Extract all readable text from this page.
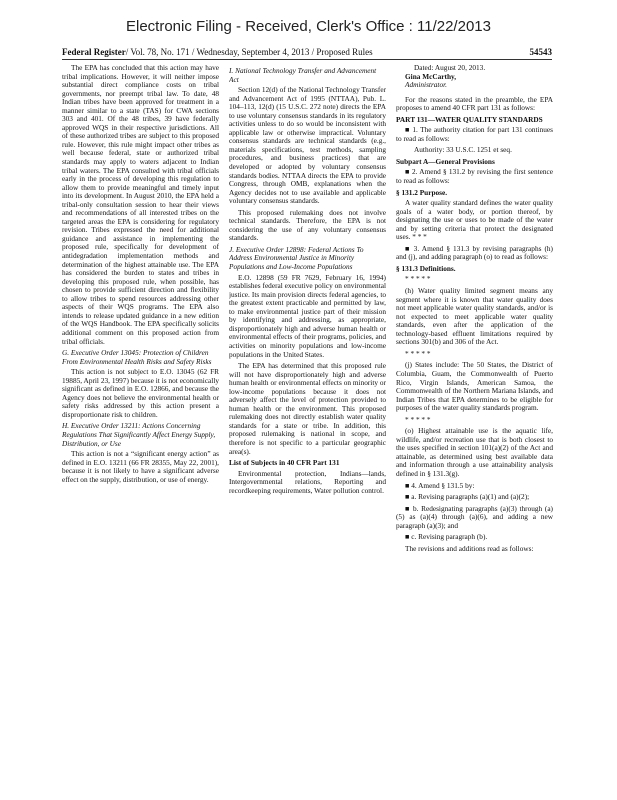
Electronic Filing - Received, Clerk's Office : 11/22/2013
Federal Register/ Vol. 78, No. 171 / Wednesday, September 4, 2013 / Proposed Rules	54543

The EPA has concluded that this action may have tribal implications. However, it will neither impose substantial direct compliance costs on tribal governments, nor preempt tribal law. To date, 48 Indian tribes have been approved for treatment in a manner similar to a state (TAS) for CWA sections 303 and 401. Of the 48 tribes, 39 have federally approved WQS in their respective jurisdictions. All of these authorized tribes are subject to this proposed rule. However, this rule might impact other tribes as well because federal, state or authorized tribal standards may apply to waters adjacent to Indian tribal waters. The EPA consulted with tribal officials early in the process of developing this regulation to allow them to provide meaningful and timely input into its development. In August 2010, the EPA held a tribal-only consultation session to hear their views and recommendations of all interested tribes on the targeted areas the EPA is considering for regulatory revision. Tribes expressed the need for additional guidance and assistance in implementing the proposed rule, specifically for development of antidegradation implementation methods and determination of the highest attainable use. The EPA has considered the burden to states and tribes in developing this proposed rule, when possible, has chosen to provide sufficient direction and flexibility to allow tribes to spend resources addressing other aspects of their WQS programs. The EPA also intends to release updated guidance in a new edition of the WQS Handbook. The EPA specifically solicits additional comment on this proposed action from tribal officials.

G. Executive Order 13045: Protection of Children From Environmental Health Risks and Safety Risks

This action is not subject to E.O. 13045 (62 FR 19885, April 23, 1997) because it is not economically significant as defined in E.O. 12866, and because the Agency does not believe the environmental health or safety risks addressed by this action present a disproportionate risk to children.

H. Executive Order 13211: Actions Concerning Regulations That Significantly Affect Energy Supply, Distribution, or Use

This action is not a “significant energy action” as defined in E.O. 13211 (66 FR 28355, May 22, 2001), because it is not likely to have a significant adverse effect on the supply, distribution, or use of energy.

I. National Technology Transfer and Advancement Act

Section 12(d) of the National Technology Transfer and Advancement Act of 1995 (NTTAA), Pub. L. 104–113, 12(d) (15 U.S.C. 272 note) directs the EPA to use voluntary consensus standards in its regulatory activities unless to do so would be inconsistent with applicable law or otherwise impractical. Voluntary consensus standards are technical standards (e.g., materials specifications, test methods, sampling procedures, and business practices) that are developed or adopted by voluntary consensus standards bodies. NTTAA directs the EPA to provide Congress, through OMB, explanations when the Agency decides not to use available and applicable voluntary consensus standards.

This proposed rulemaking does not involve technical standards. Therefore, the EPA is not considering the use of any voluntary consensus standards.

J. Executive Order 12898: Federal Actions To Address Environmental Justice in Minority Populations and Low-Income Populations

E.O. 12898 (59 FR 7629, February 16, 1994) establishes federal executive policy on environmental justice. Its main provision directs federal agencies, to the greatest extent practicable and permitted by law, to make environmental justice part of their mission by identifying and addressing, as appropriate, disproportionately high and adverse human health or environmental effects of their programs, policies, and activities on minority populations and low-income populations in the United States.

The EPA has determined that this proposed rule will not have disproportionately high and adverse human health or environmental effects on minority or low-income populations because it does not adversely affect the level of protection provided to human health or the environment. This proposed rulemaking does not directly establish water quality standards for a state or tribe. In addition, this proposed rulemaking is national in scope, and therefore is not specific to a particular geographic area(s).

List of Subjects in 40 CFR Part 131

Environmental protection, Indians—lands, Intergovernmental relations, Reporting and recordkeeping requirements, Water pollution control.

Dated: August 20, 2013.

Gina McCarthy,

Administrator.

For the reasons stated in the preamble, the EPA proposes to amend 40 CFR part 131 as follows:

PART 131—WATER QUALITY STANDARDS

■ 1. The authority citation for part 131 continues to read as follows:

Authority: 33 U.S.C. 1251 et seq.

Subpart A—General Provisions

■ 2. Amend § 131.2 by revising the first sentence to read as follows:

§ 131.2 Purpose.

A water quality standard defines the water quality goals of a water body, or portion thereof, by designating the use or uses to be made of the water and by setting criteria that protect the designated uses. * * *

■ 3. Amend § 131.3 by revising paragraphs (h) and (j), and adding paragraph (o) to read as follows:

§ 131.3 Definitions.

* * * * *

(h) Water quality limited segment means any segment where it is known that water quality does not meet applicable water quality standards, and/or is not expected to meet applicable water quality standards, even after the application of the technology-based effluent limitations required by sections 301(b) and 306 of the Act.

* * * * *

(j) States include: The 50 States, the District of Columbia, Guam, the Commonwealth of Puerto Rico, Virgin Islands, American Samoa, the Commonwealth of the Northern Mariana Islands, and Indian Tribes that EPA determines to be eligible for purposes of the water quality standards program.

* * * * *

(o) Highest attainable use is the aquatic life, wildlife, and/or recreation use that is both closest to the uses specified in section 101(a)(2) of the Act and attainable, as determined using best available data and information through a use attainability analysis defined in § 131.3(g).

■ 4. Amend § 131.5 by:

■ a. Revising paragraphs (a)(1) and (a)(2);

■ b. Redesignating paragraphs (a)(3) through (a)(5) as (a)(4) through (a)(6), and adding a new paragraph (a)(3); and

■ c. Revising paragraph (b).

The revisions and additions read as follows:
